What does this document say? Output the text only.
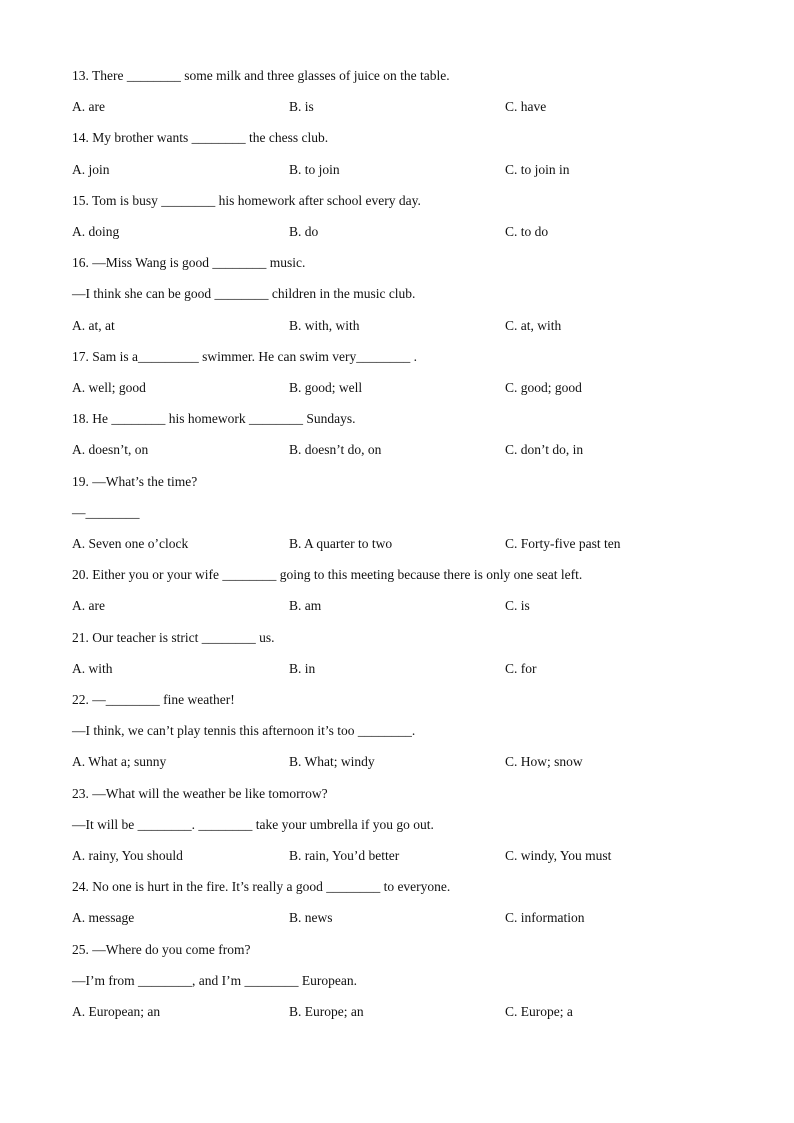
13. There ________ some milk and three glasses of juice on the table.
A. are	B. is	C. have
14. My brother wants ________ the chess club.
A. join	B. to join	C. to join in
15. Tom is busy ________ his homework after school every day.
A. doing	B. do	C. to do
16. —Miss Wang is good ________ music.
—I think she can be good ________ children in the music club.
A. at, at	B. with, with	C. at, with
17. Sam is a_________ swimmer. He can swim very________ .
A. well; good	B. good; well	C. good; good
18. He ________ his homework ________ Sundays.
A. doesn’t, on	B. doesn’t do, on	C. don’t do, in
19. —What’s the time?
—________
A. Seven one o’clock	B. A quarter to two	C. Forty-five past ten
20. Either you or your wife ________ going to this meeting because there is only one seat left.
A. are	B. am	C. is
21. Our teacher is strict ________ us.
A. with	B. in	C. for
22. —________ fine weather!
—I think, we can’t play tennis this afternoon it’s too ________.
A. What a; sunny	B. What; windy	C. How; snow
23. —What will the weather be like tomorrow?
—It will be ________. ________ take your umbrella if you go out.
A. rainy, You should	B. rain, You’d better	C. windy, You must
24. No one is hurt in the fire. It’s really a good ________ to everyone.
A. message	B. news	C. information
25. —Where do you come from?
—I’m from ________, and I’m ________ European.
A. European; an	B. Europe; an	C. Europe; a
